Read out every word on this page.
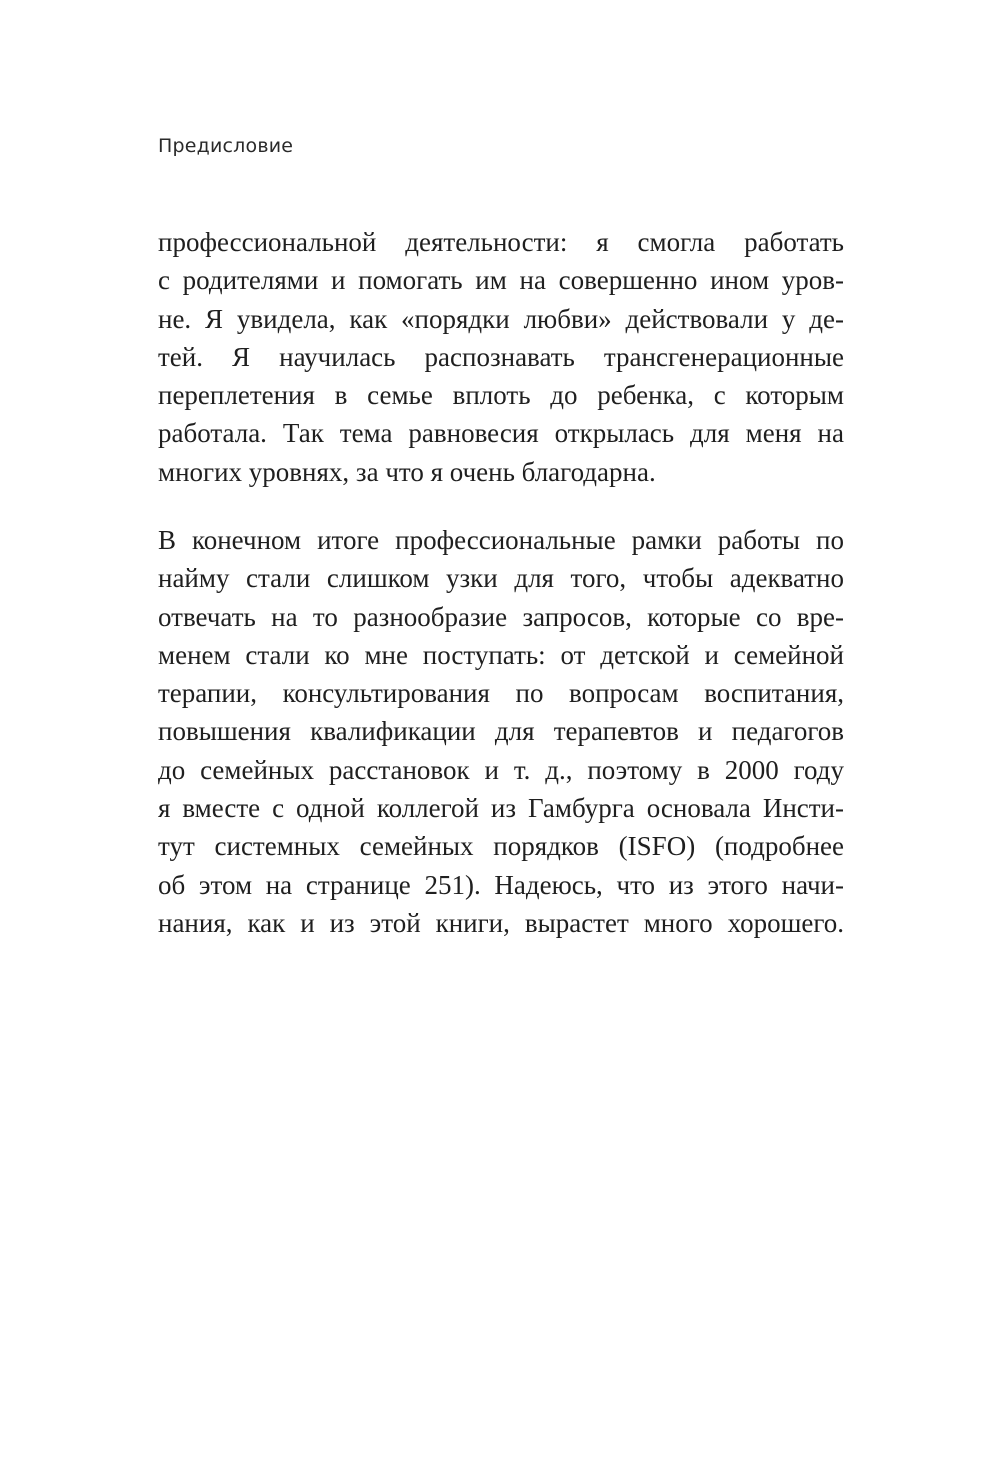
Предисловие
профессиональной деятельности: я смогла работать
с родителями и помогать им на совершенно ином уров-
не. Я увидела, как «порядки любви» действовали у де-
тей. Я научилась распознавать трансгенерационные
переплетения в семье вплоть до ребенка, с которым
работала. Так тема равновесия открылась для меня на
многих уровнях, за что я очень благодарна.
В конечном итоге профессиональные рамки работы по
найму стали слишком узки для того, чтобы адекватно
отвечать на то разнообразие запросов, которые со вре-
менем стали ко мне поступать: от детской и семейной
терапии, консультирования по вопросам воспитания,
повышения квалификации для терапевтов и педагогов
до семейных расстановок и т. д., поэтому в 2000 году
я вместе с одной коллегой из Гамбурга основала Инсти-
тут системных семейных порядков (ISFO) (подробнее
об этом на странице 251). Надеюсь, что из этого начи-
нания, как и из этой книги, вырастет много хорошего.
